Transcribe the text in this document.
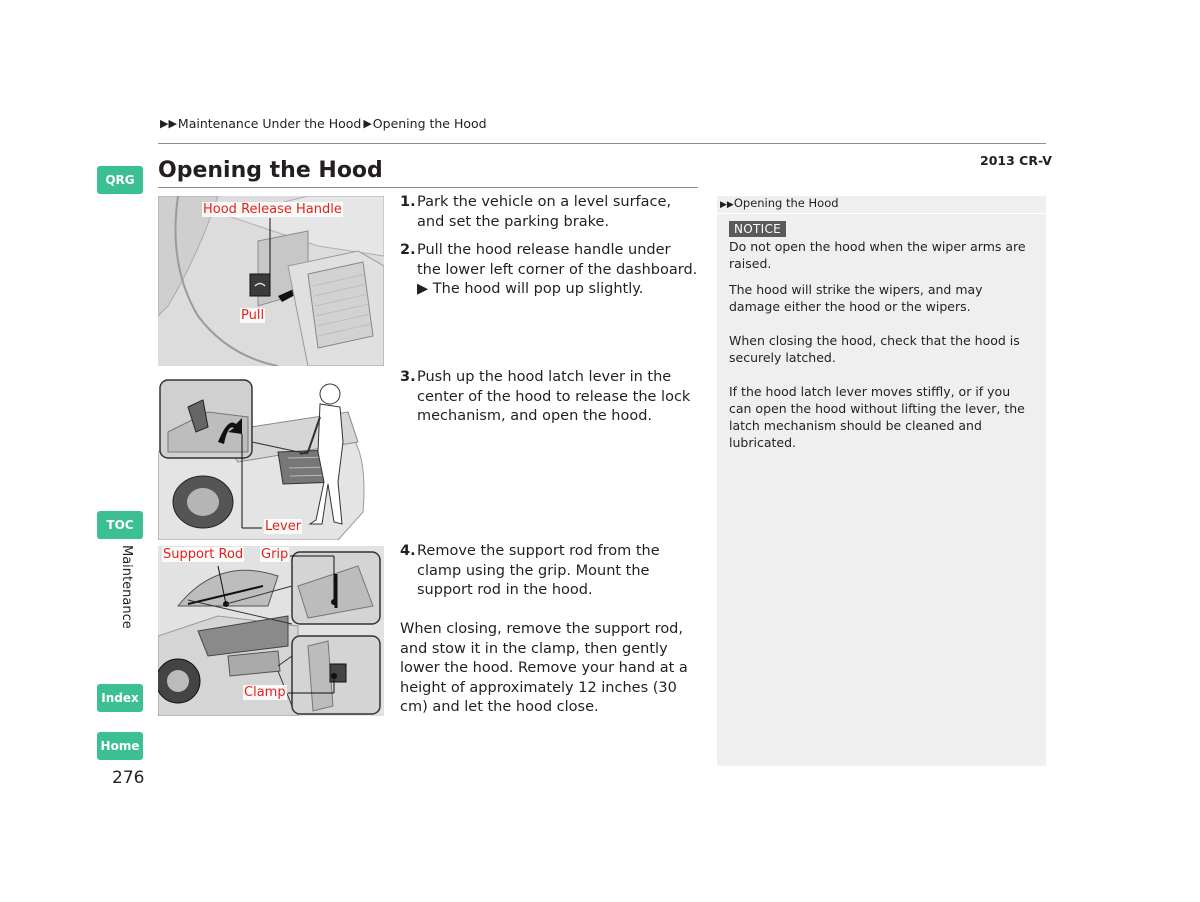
▶▶ Maintenance Under the Hood ▶ Opening the Hood
2013 CR-V
Opening the Hood
QRG
TOC
Index
Home
Maintenance
276
Hood Release Handle
Pull
Lever
Support Rod Grip
Clamp
1. Park the vehicle on a level surface, and set the parking brake.
2. Pull the hood release handle under the lower left corner of the dashboard.
▶ The hood will pop up slightly.
3. Push up the hood latch lever in the center of the hood to release the lock mechanism, and open the hood.
4. Remove the support rod from the clamp using the grip. Mount the support rod in the hood.
When closing, remove the support rod, and stow it in the clamp, then gently lower the hood. Remove your hand at a height of approximately 12 inches (30 cm) and let the hood close.
▶▶Opening the Hood
NOTICE
Do not open the hood when the wiper arms are raised.
The hood will strike the wipers, and may damage either the hood or the wipers.
When closing the hood, check that the hood is securely latched.
If the hood latch lever moves stiffly, or if you can open the hood without lifting the lever, the latch mechanism should be cleaned and lubricated.
